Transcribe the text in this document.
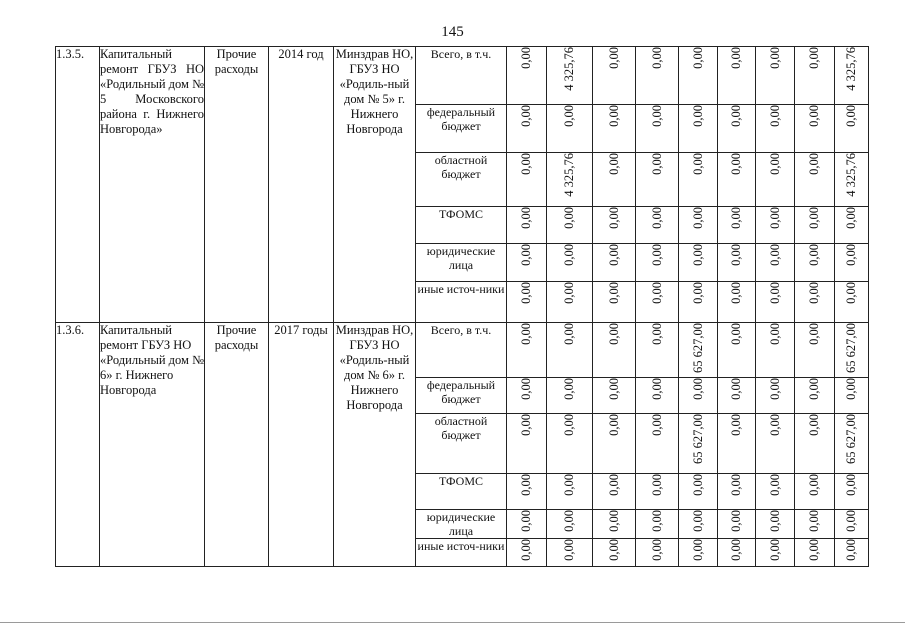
145
1.3.5.	Капитальный ремонт ГБУЗ НО «Родильный дом № 5 Московского района г. Нижнего Новгорода»	Прочие расходы	2014 год	Минздрав НО, ГБУЗ НО «Родиль-ный дом № 5» г. Нижнего Новгорода	Всего, в т.ч.	0,00	4 325,76	0,00	0,00	0,00	0,00	0,00	0,00	4 325,76
					федеральный бюджет	0,00	0,00	0,00	0,00	0,00	0,00	0,00	0,00	0,00
					областной бюджет	0,00	4 325,76	0,00	0,00	0,00	0,00	0,00	0,00	4 325,76
					ТФОМС	0,00	0,00	0,00	0,00	0,00	0,00	0,00	0,00	0,00
					юридические лица	0,00	0,00	0,00	0,00	0,00	0,00	0,00	0,00	0,00
					иные источ-ники	0,00	0,00	0,00	0,00	0,00	0,00	0,00	0,00	0,00
1.3.6.	Капитальный ремонт ГБУЗ НО «Родильный дом № 6» г. Нижнего Новгорода	Прочие расходы	2017 годы	Минздрав НО, ГБУЗ НО «Родиль-ный дом № 6» г. Нижнего Новгорода	Всего, в т.ч.	0,00	0,00	0,00	0,00	65 627,00	0,00	0,00	0,00	65 627,00
					федеральный бюджет	0,00	0,00	0,00	0,00	0,00	0,00	0,00	0,00	0,00
					областной бюджет	0,00	0,00	0,00	0,00	65 627,00	0,00	0,00	0,00	65 627,00
					ТФОМС	0,00	0,00	0,00	0,00	0,00	0,00	0,00	0,00	0,00
					юридические лица	0,00	0,00	0,00	0,00	0,00	0,00	0,00	0,00	0,00
					иные источ-ники	0,00	0,00	0,00	0,00	0,00	0,00	0,00	0,00	0,00
